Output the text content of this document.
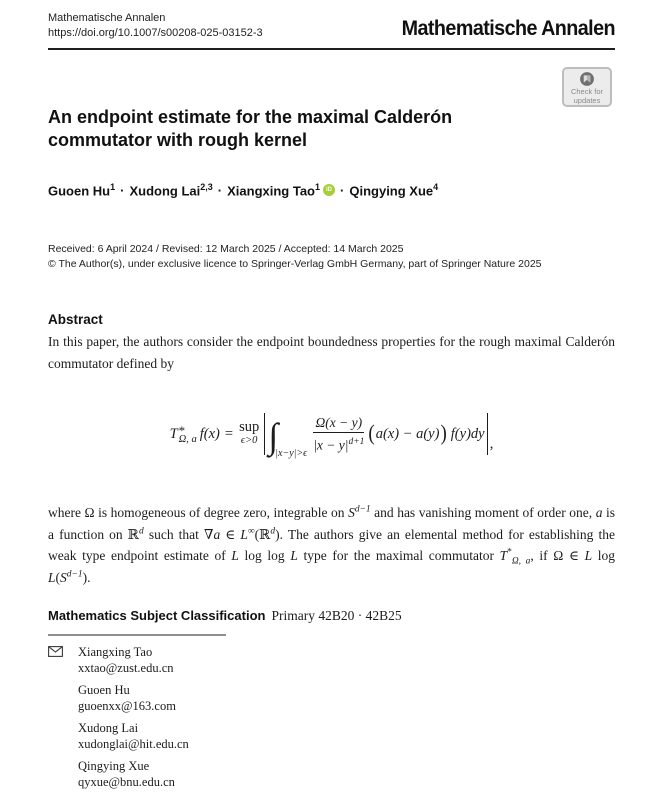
Mathematische Annalen
https://doi.org/10.1007/s00208-025-03152-3	Mathematische Annalen
Check for
updates
An endpoint estimate for the maximal Calderón commutator with rough kernel
Guoen $Hu^1$ · Xudong Lai$^{2,3}$ · Xiangxing Tao$^1$	iD · Qingying Xue$^4$
Received: 6 April 2024 / Revised: 12 March 2025 / Accepted: 14 March 2025
© The Author(s), under exclusive licence to Springer-Verlag GmbH Germany, part of Springer Nature 2025
Abstract
In this paper, the authors consider the endpoint boundedness properties for the rough maximal Calderón commutator defined by
T *
Ω, a f(x) = sup
ϵ>0 ∫
|x−y|>ϵ
$\frac{\Omega(x - y)}{|x - y|^{d+1}}$ ( a(x) − a(y) ) f(y)dy
,
where Ω is homogeneous of degree zero, integrable on $S^{d-1}$ and has vanishing moment of order one, a is a function on ℝ$^d$ such that ∇a ∈ L∞(ℝ$^d$). The authors give an elemental method for establishing the weak type endpoint estimate of L log log L type for the maximal commutator $T^*_{\Omega, a}$, if Ω ∈ L $\log L(S^{d-1})$.
Mathematics Subject Classification Primary 42B20 · 42B25
Xiangxing Tao
xxtao@zust.edu.cn
Guoen Hu
guoenxx@163.com
Xudong Lai
xudonglai@hit.edu.cn
Qingying Xue
qyxue@bnu.edu.cn
